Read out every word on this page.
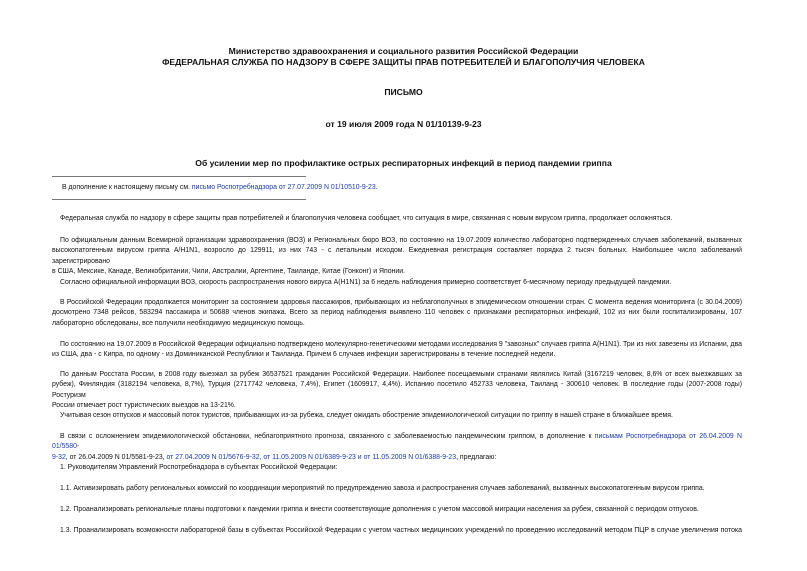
Министерство здравоохранения и социального развития Российской Федерации
ФЕДЕРАЛЬНАЯ СЛУЖБА ПО НАДЗОРУ В СФЕРЕ ЗАЩИТЫ ПРАВ ПОТРЕБИТЕЛЕЙ И БЛАГОПОЛУЧИЯ ЧЕЛОВЕКА
ПИСЬМО
от 19 июля 2009 года N 01/10139-9-23
Об усилении мер по профилактике острых респираторных инфекций в период пандемии гриппа
В дополнение к настоящему письму см. письмо Роспотребнадзора от 27.07.2009 N 01/10510-9-23.
Федеральная служба по надзору в сфере защиты прав потребителей и благополучия человека сообщает, что ситуация в мире, связанная с новым вирусом гриппа, продолжает осложняться.
По официальным данным Всемирной организации здравоохранения (ВОЗ) и Региональных бюро ВОЗ, по состоянию на 19.07.2009 количество лабораторно подтвержденных случаев заболеваний, вызванных
высокопатогенным вирусом гриппа A/H1N1, возросло до 129911, из них 743 - с летальным исходом. Ежедневная регистрация составляет порядка 2 тысяч больных. Наибольшее число заболеваний зарегистрировано
в США, Мексике, Канаде, Великобритании, Чили, Австралии, Аргентине, Таиланде, Китае (Гонконг) и Японии.
Согласно официальной информации ВОЗ, скорость распространения нового вируса A(H1N1) за 6 недель наблюдения примерно соответствует 6-месячному периоду предыдущей пандемии.
В Российской Федерации продолжается мониторинг за состоянием здоровья пассажиров, прибывающих из неблагополучных в эпидемическом отношении стран. С момента ведения мониторинга (с 30.04.2009)
досмотрено 7348 рейсов, 583294 пассажира и 50688 членов экипажа. Всего за период наблюдения выявлено 110 человек с признаками респираторных инфекций, 102 из них были госпитализированы, 107
лабораторно обследованы, все получили необходимую медицинскую помощь.
По состоянию на 19.07.2009 в Российской Федерации официально подтверждено молекулярно-генетическими методами исследования 9 "завозных" случаев гриппа A(H1N1). Три из них завезены из Испании, два
из США, два - с Кипра, по одному - из Доминиканской Республики и Таиланда. Причем 6 случаев инфекции зарегистрированы в течение последней недели.
По данным Росстата России, в 2008 году выезжал за рубеж 36537521 гражданин Российской Федерации. Наиболее посещаемыми странами являлись Китай (3167219 человек, 8,6% от всех выезжавших за
рубеж), Финляндия (3182194 человека, 8,7%), Турция (2717742 человека, 7,4%), Египет (1609917, 4,4%). Испанию посетило 452733 человека, Таиланд - 300610 человек. В последние годы (2007-2008 годы) Ростуризм
России отмечает рост туристических выездов на 13-21%.
Учитывая сезон отпусков и массовый поток туристов, прибывающих из-за рубежа, следует ожидать обострение эпидемиологической ситуации по гриппу в нашей стране в ближайшее время.
В связи с осложнением эпидемиологической обстановки, неблагоприятного прогноза, связанного с заболеваемостью пандемическим гриппом, в дополнение к письмам Роспотребнадзора от 26.04.2009 N 01/5580-
9-32, от 26.04.2009 N 01/5581-9-23, от 27.04.2009 N 01/5676-9-32, от 11.05.2009 N 01/6389-9-23 и от 11.05.2009 N 01/6388-9-23, предлагаю:
1. Руководителям Управлений Роспотребнадзора в субъектах Российской Федерации:
1.1. Активизировать работу региональных комиссий по координации мероприятий по предупреждению завоза и распространения случаев заболеваний, вызванных высокопатогенным вирусом гриппа.
1.2. Проанализировать региональные планы подготовки к пандемии гриппа и внести соответствующие дополнения с учетом массовой миграции населения за рубеж, связанной с периодом отпусков.
1.3. Проанализировать возможности лабораторной базы в субъектах Российской Федерации с учетом частных медицинских учреждений по проведению исследований методом ПЦР в случае увеличения потока
